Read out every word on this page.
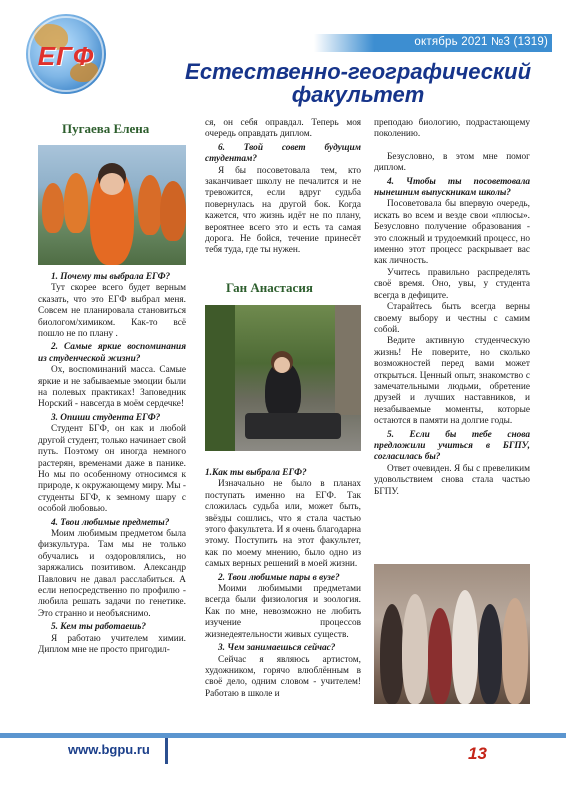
ЕГФ	октябрь 2021 №3 (1319)
Естественно-географический факультет
Пугаева Елена

1. Почему ты выбрала ЕГФ?

Тут скорее всего будет верным сказать, что это ЕГФ выбрал меня. Совсем не планировала становиться биологом/химиком. Как-то всё пошло не по плану .

2. Самые яркие воспоминания из студенческой жизни?

Ох, воспоминаний масса. Самые яркие и не забываемые эмоции были на полевых практиках! Заповедник Норский - навсегда в моём сердечке!

3. Опиши студента ЕГФ?

Студент БГФ, он как и любой другой студент, только начинает свой путь. Поэтому он иногда немного растерян, временами даже в панике. Но мы по особенному относимся к природе, к окружающему миру. Мы - студенты БГФ, к земному шару с особой любовью.

4. Твои любимые предметы?

Моим любимым предметом была физкультура. Там мы не только обучались и оздоровлялись, но заряжались позитивом. Александр Павлович не давал расслабиться. А если непосредственно по профилю - любила решать задачи по генетике. Это странно и необъяснимо.

5. Кем ты работаешь?

Я работаю учителем химии. Диплом мне не просто пригодил-

ся, он себя оправдал. Теперь моя очередь оправдать диплом.

6. Твой совет будущим студентам?

Я бы посоветовала тем, кто заканчивает школу не печалится и не тревожится, если вдруг судьба повернулась на другой бок. Когда кажется, что жизнь идёт не по плану, вероятнее всего это и есть та самая дорога. Не бойся, течение принесёт тебя туда, где ты нужен.

Ган Анастасия

1.Как ты выбрала ЕГФ?

Изначально не было в планах поступать именно на ЕГФ. Так сложилась судьба или, может быть, звёзды сошлись, что я стала частью этого факультета. И я очень благодарна этому. Поступить на этот факультет, как по моему мнению, было одно из самых верных решений в моей жизни.

2. Твои любимые пары в вузе?

Моими любимыми предметами всегда были физиология и зоология. Как по мне, невозможно не любить изучение процессов жизнедеятельности живых существ.

3. Чем занимаешься сейчас?

Сейчас я являюсь артистом, художником, горячо влюблённым в своё дело, одним словом - учителем! Работаю в школе и

преподаю биологию, подрастающему поколению.

Безусловно, в этом мне помог диплом.

4. Чтобы ты посоветовала нынешним выпускникам школы?

Посоветовала бы впервую очередь, искать во всем и везде свои «плюсы». Безусловно получение образования - это сложный и трудоемкий процесс, но именно этот процесс раскрывает вас как личность.

Учитесь правильно распределять своё время. Оно, увы, у студента всегда в дефиците.

Старайтесь быть всегда верны своему выбору и честны с самим собой.

Ведите активную студенческую жизнь! Не поверите, но сколько возможностей перед вами может открыться. Ценный опыт, знакомство с замечательными людьми, обретение друзей и лучших наставников, и незабываемые моменты, которые остаются в памяти на долгие годы.

5. Если бы тебе снова предложили учиться в БГПУ, согласилась бы?

Ответ очевиден. Я бы с превеликим удовольствием снова стала частью БГПУ.

www.bgpu.ru	13
